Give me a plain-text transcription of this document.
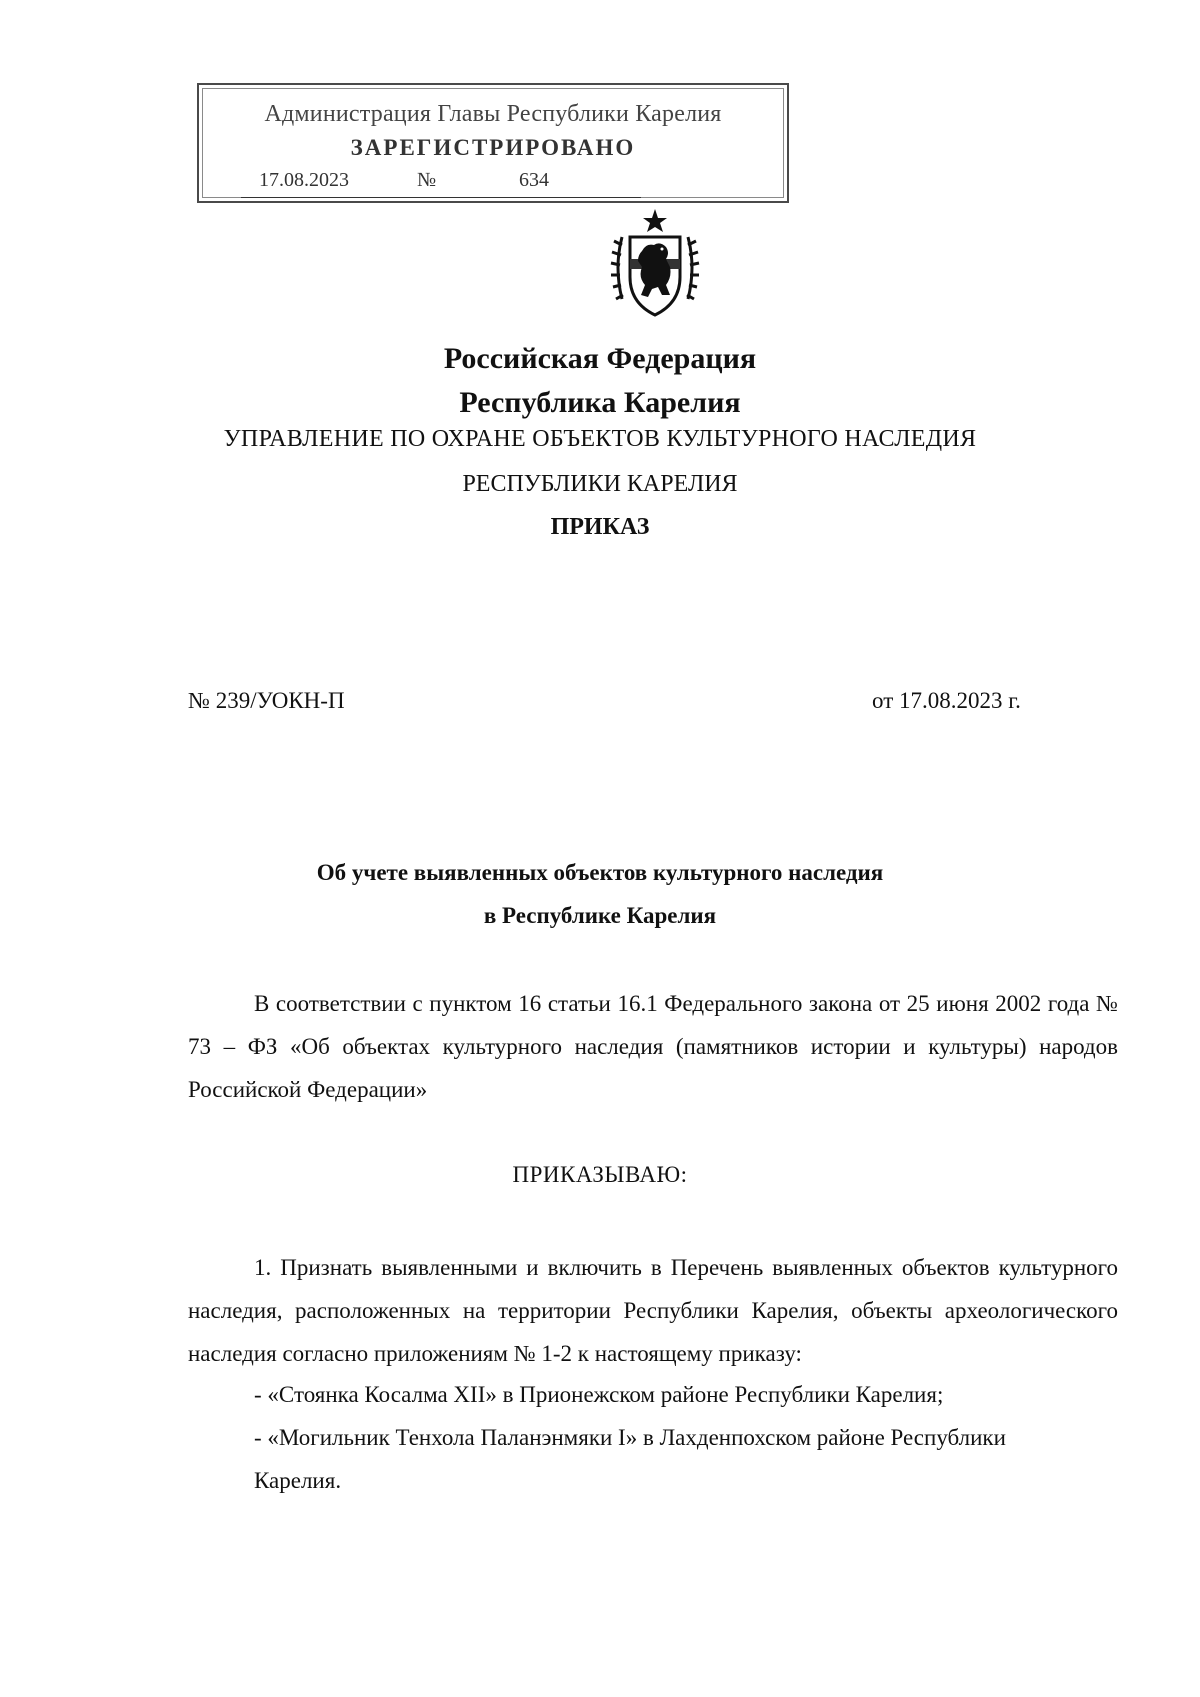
Администрация Главы Республики Карелия
ЗАРЕГИСТРИРОВАНО
17.08.2023	№	634
Российская Федерация
Республика Карелия
УПРАВЛЕНИЕ ПО ОХРАНЕ ОБЪЕКТОВ КУЛЬТУРНОГО НАСЛЕДИЯ
РЕСПУБЛИКИ КАРЕЛИЯ
ПРИКАЗ
№ 239/УОКН-П	от 17.08.2023 г.
Об учете выявленных объектов культурного наследия
в Республике Карелия
В соответствии с пунктом 16 статьи 16.1 Федерального закона от 25 июня 2002 года № 73 – ФЗ «Об объектах культурного наследия (памятников истории и культуры) народов Российской Федерации»
ПРИКАЗЫВАЮ:
1. Признать выявленными и включить в Перечень выявленных объектов культурного наследия, расположенных на территории Республики Карелия, объекты археологического наследия согласно приложениям № 1-2 к настоящему приказу:
- «Стоянка Косалма XII» в Прионежском районе Республики Карелия;
- «Могильник Тенхола Паланэнмяки I» в Лахденпохском районе Республики
Карелия.
